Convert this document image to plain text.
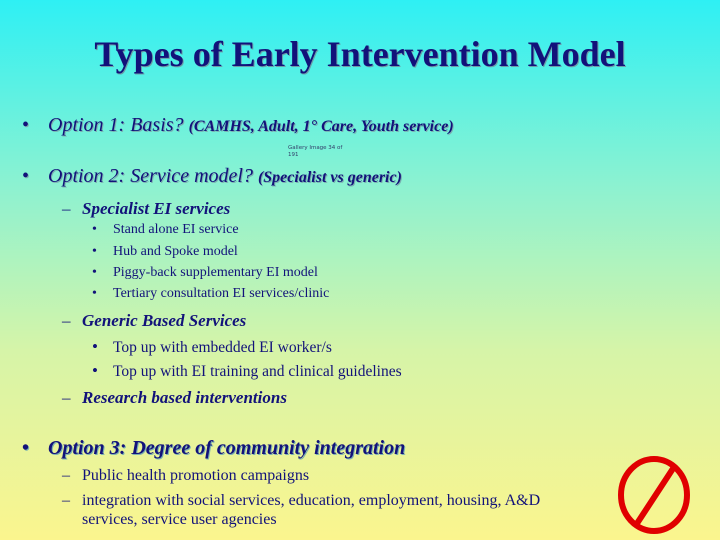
Types of Early Intervention Model
• Option 1: Basis? (CAMHS, Adult, 1° Care, Youth service)
Gallery Image 34 of
191
• Option 2: Service model? (Specialist vs generic)
– Specialist EI services
• Stand alone EI service
• Hub and Spoke model
• Piggy-back supplementary EI model
• Tertiary consultation EI services/clinic
– Generic Based Services
• Top up with embedded EI worker/s
• Top up with EI training and clinical guidelines
– Research based interventions
• Option 3: Degree of community integration
– Public health promotion campaigns
– integration with social services, education, employment, housing, A&D
services, service user agencies
